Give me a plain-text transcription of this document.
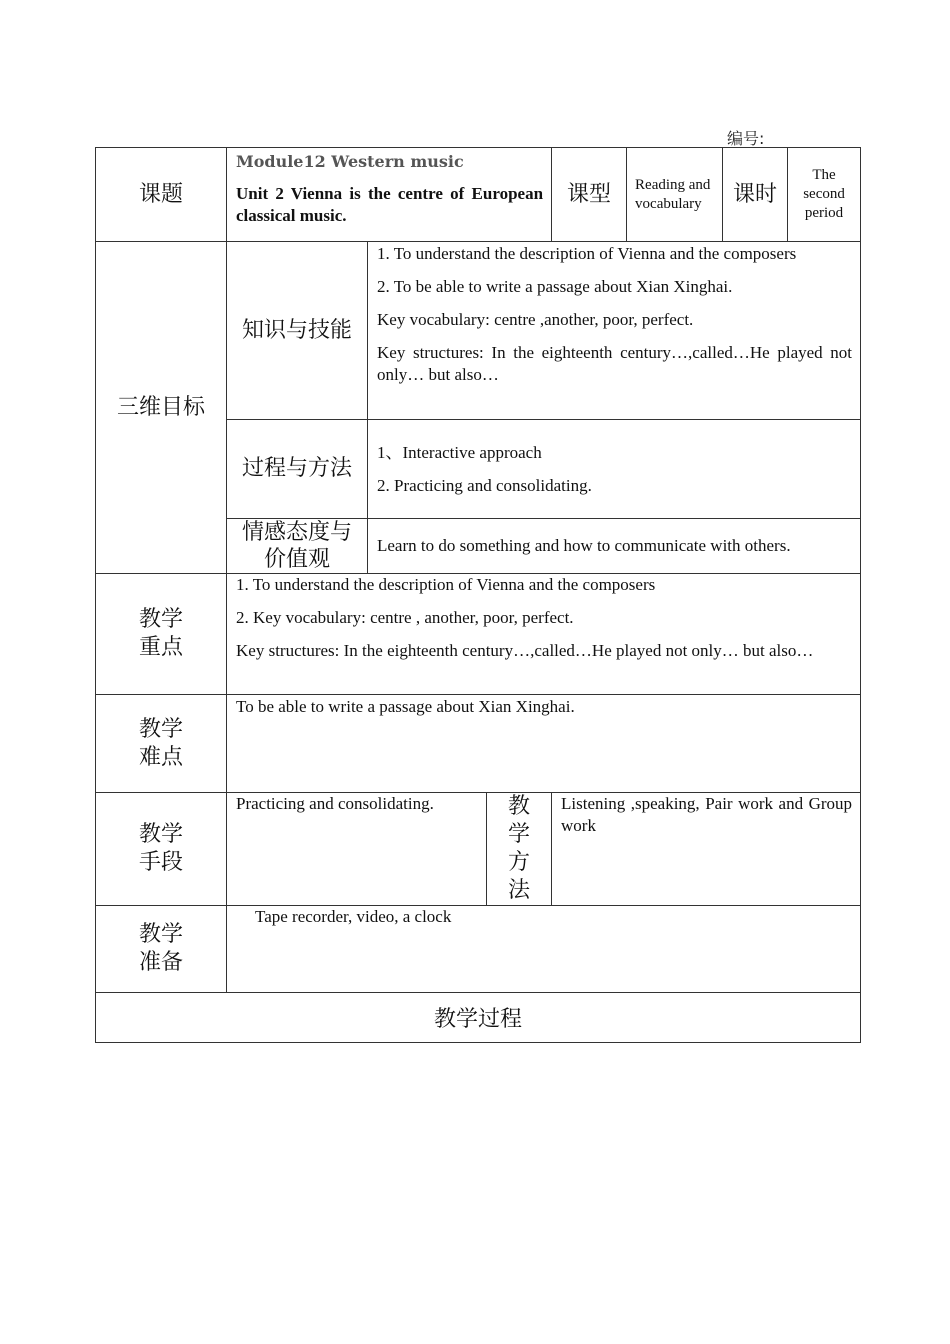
编号:
课题	Module12 Western music
Unit 2 Vienna is the centre of European classical music.			课型	Reading and vocabulary	课时	The second period
三维目标	知识与技能	1. To understand the description of Vienna and the composers

2. To be able to write a passage about Xian Xinghai.

Key vocabulary: centre ,another, poor, perfect.

Key structures: In the eighteenth century…,called…He played not only… but also…					

	过程与方法	1、Interactive approach

2. Practicing and consolidating.					

	情感态度与价值观	Learn to do something and how to communicate with others.					
教学重点	1. To understand the description of Vienna and the composers

2. Key vocabulary: centre , another, poor, perfect.

Key structures: In the eighteenth century…,called…He played not only… but also…						

教学难点	To be able to write a passage about Xian Xinghai.						
教学手段	Practicing and consolidating.		教学方法	Listening ,speaking, Pair work and Group work			
教学准备	Tape recorder, video, a clock						
教学过程							
